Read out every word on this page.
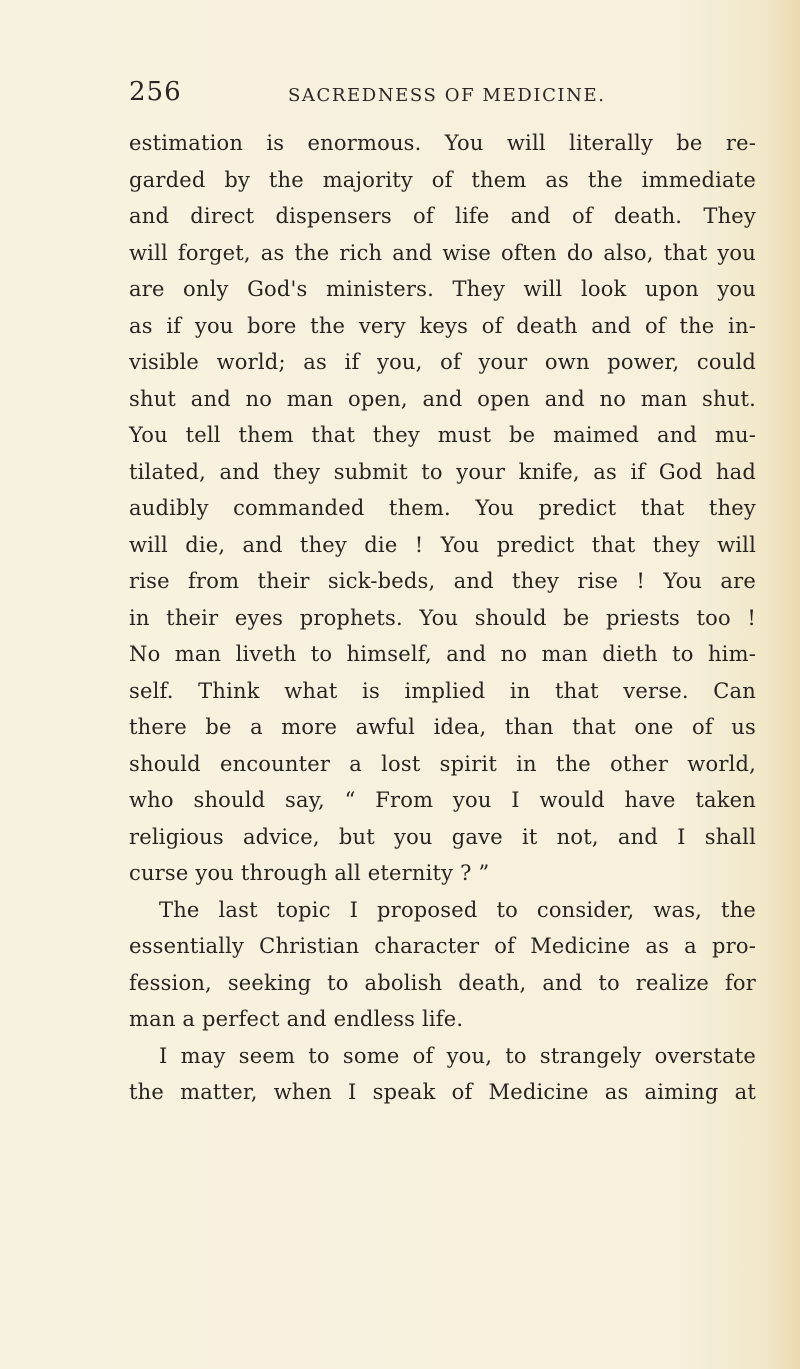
256	SACREDNESS OF MEDICINE.
estimation is enormous. You will literally be re-
garded by the majority of them as the immediate
and direct dispensers of life and of death. They
will forget, as the rich and wise often do also, that you
are only God's ministers. They will look upon you
as if you bore the very keys of death and of the in-
visible world; as if you, of your own power, could
shut and no man open, and open and no man shut.
You tell them that they must be maimed and mu-
tilated, and they submit to your knife, as if God had
audibly commanded them. You predict that they
will die, and they die ! You predict that they will
rise from their sick-beds, and they rise ! You are
in their eyes prophets. You should be priests too !
No man liveth to himself, and no man dieth to him-
self. Think what is implied in that verse. Can
there be a more awful idea, than that one of us
should encounter a lost spirit in the other world,
who should say, “ From you I would have taken
religious advice, but you gave it not, and I shall
curse you through all eternity ? ”
The last topic I proposed to consider, was, the
essentially Christian character of Medicine as a pro-
fession, seeking to abolish death, and to realize for
man a perfect and endless life.
I may seem to some of you, to strangely overstate
the matter, when I speak of Medicine as aiming at
